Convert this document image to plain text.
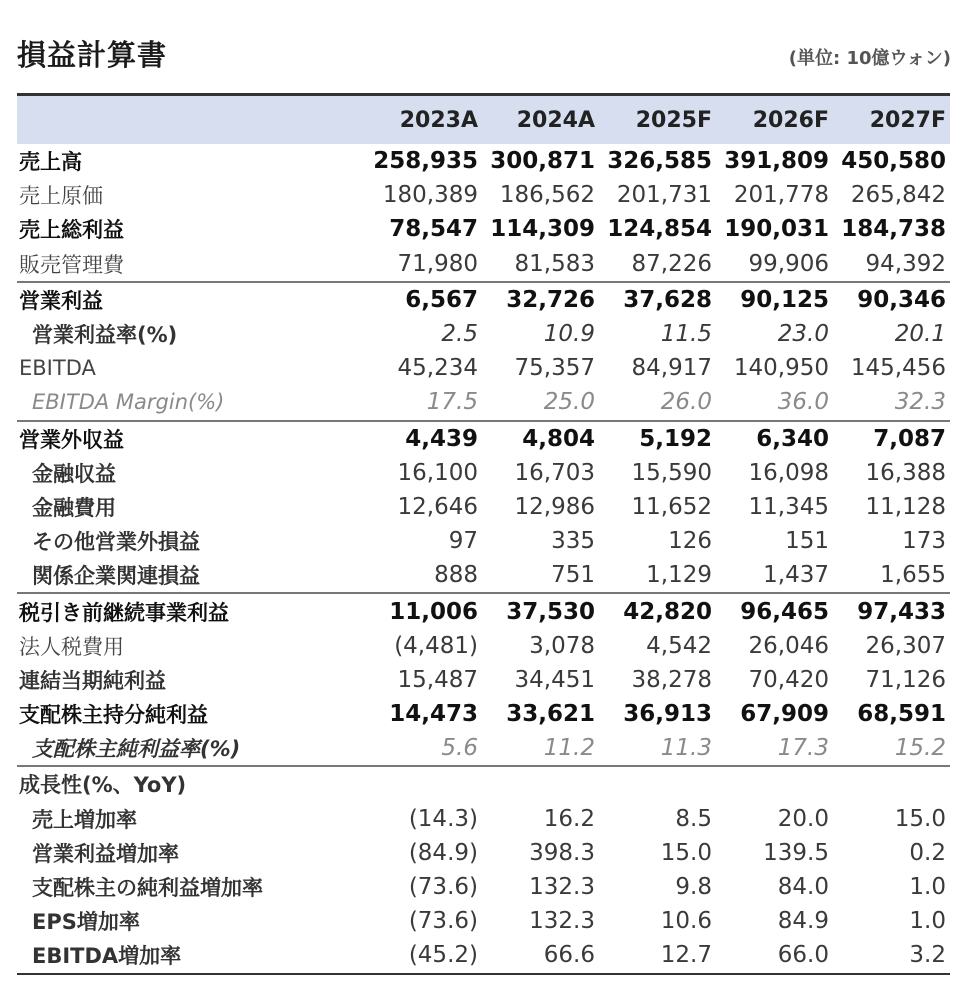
損益計算書	(単位: 10億ウォン)
2023A	2024A	2025F	2026F	2027F
売上高	258,935 300,871 326,585 391,809 450,580
売上原価	180,389 186,562 201,731 201,778 265,842
売上総利益	78,547 114,309 124,854 190,031 184,738
販売管理費	71,980	81,583	87,226	99,906	94,392
営業利益	6,567	32,726	37,628	90,125	90,346
営業利益率(%)	2.5	10.9	11.5	23.0	20.1
EBITDA	45,234	75,357	84,917 140,950 145,456
EBITDA Margin(%)	17.5	25.0	26.0	36.0	32.3
営業外収益	4,439	4,804	5,192	6,340	7,087
金融収益	16,100	16,703	15,590	16,098	16,388
金融費用	12,646	12,986	11,652	11,345	11,128
その他営業外損益	97	335	126	151	173
関係企業関連損益	888	751	1,129	1,437	1,655
税引き前継続事業利益	11,006	37,530	42,820	96,465	97,433
法人税費用	(4,481)	3,078	4,542	26,046	26,307
連結当期純利益	15,487	34,451	38,278	70,420	71,126
支配株主持分純利益	14,473	33,621	36,913	67,909	68,591
支配株主純利益率(%)	5.6	11.2	11.3	17.3	15.2
成長性(%、YoY)
売上増加率	(14.3)	16.2	8.5	20.0	15.0
営業利益増加率	(84.9)	398.3	15.0	139.5	0.2
支配株主の純利益増加率	(73.6)	132.3	9.8	84.0	1.0
EPS増加率	(73.6)	132.3	10.6	84.9	1.0
EBITDA増加率	(45.2)	66.6	12.7	66.0	3.2
